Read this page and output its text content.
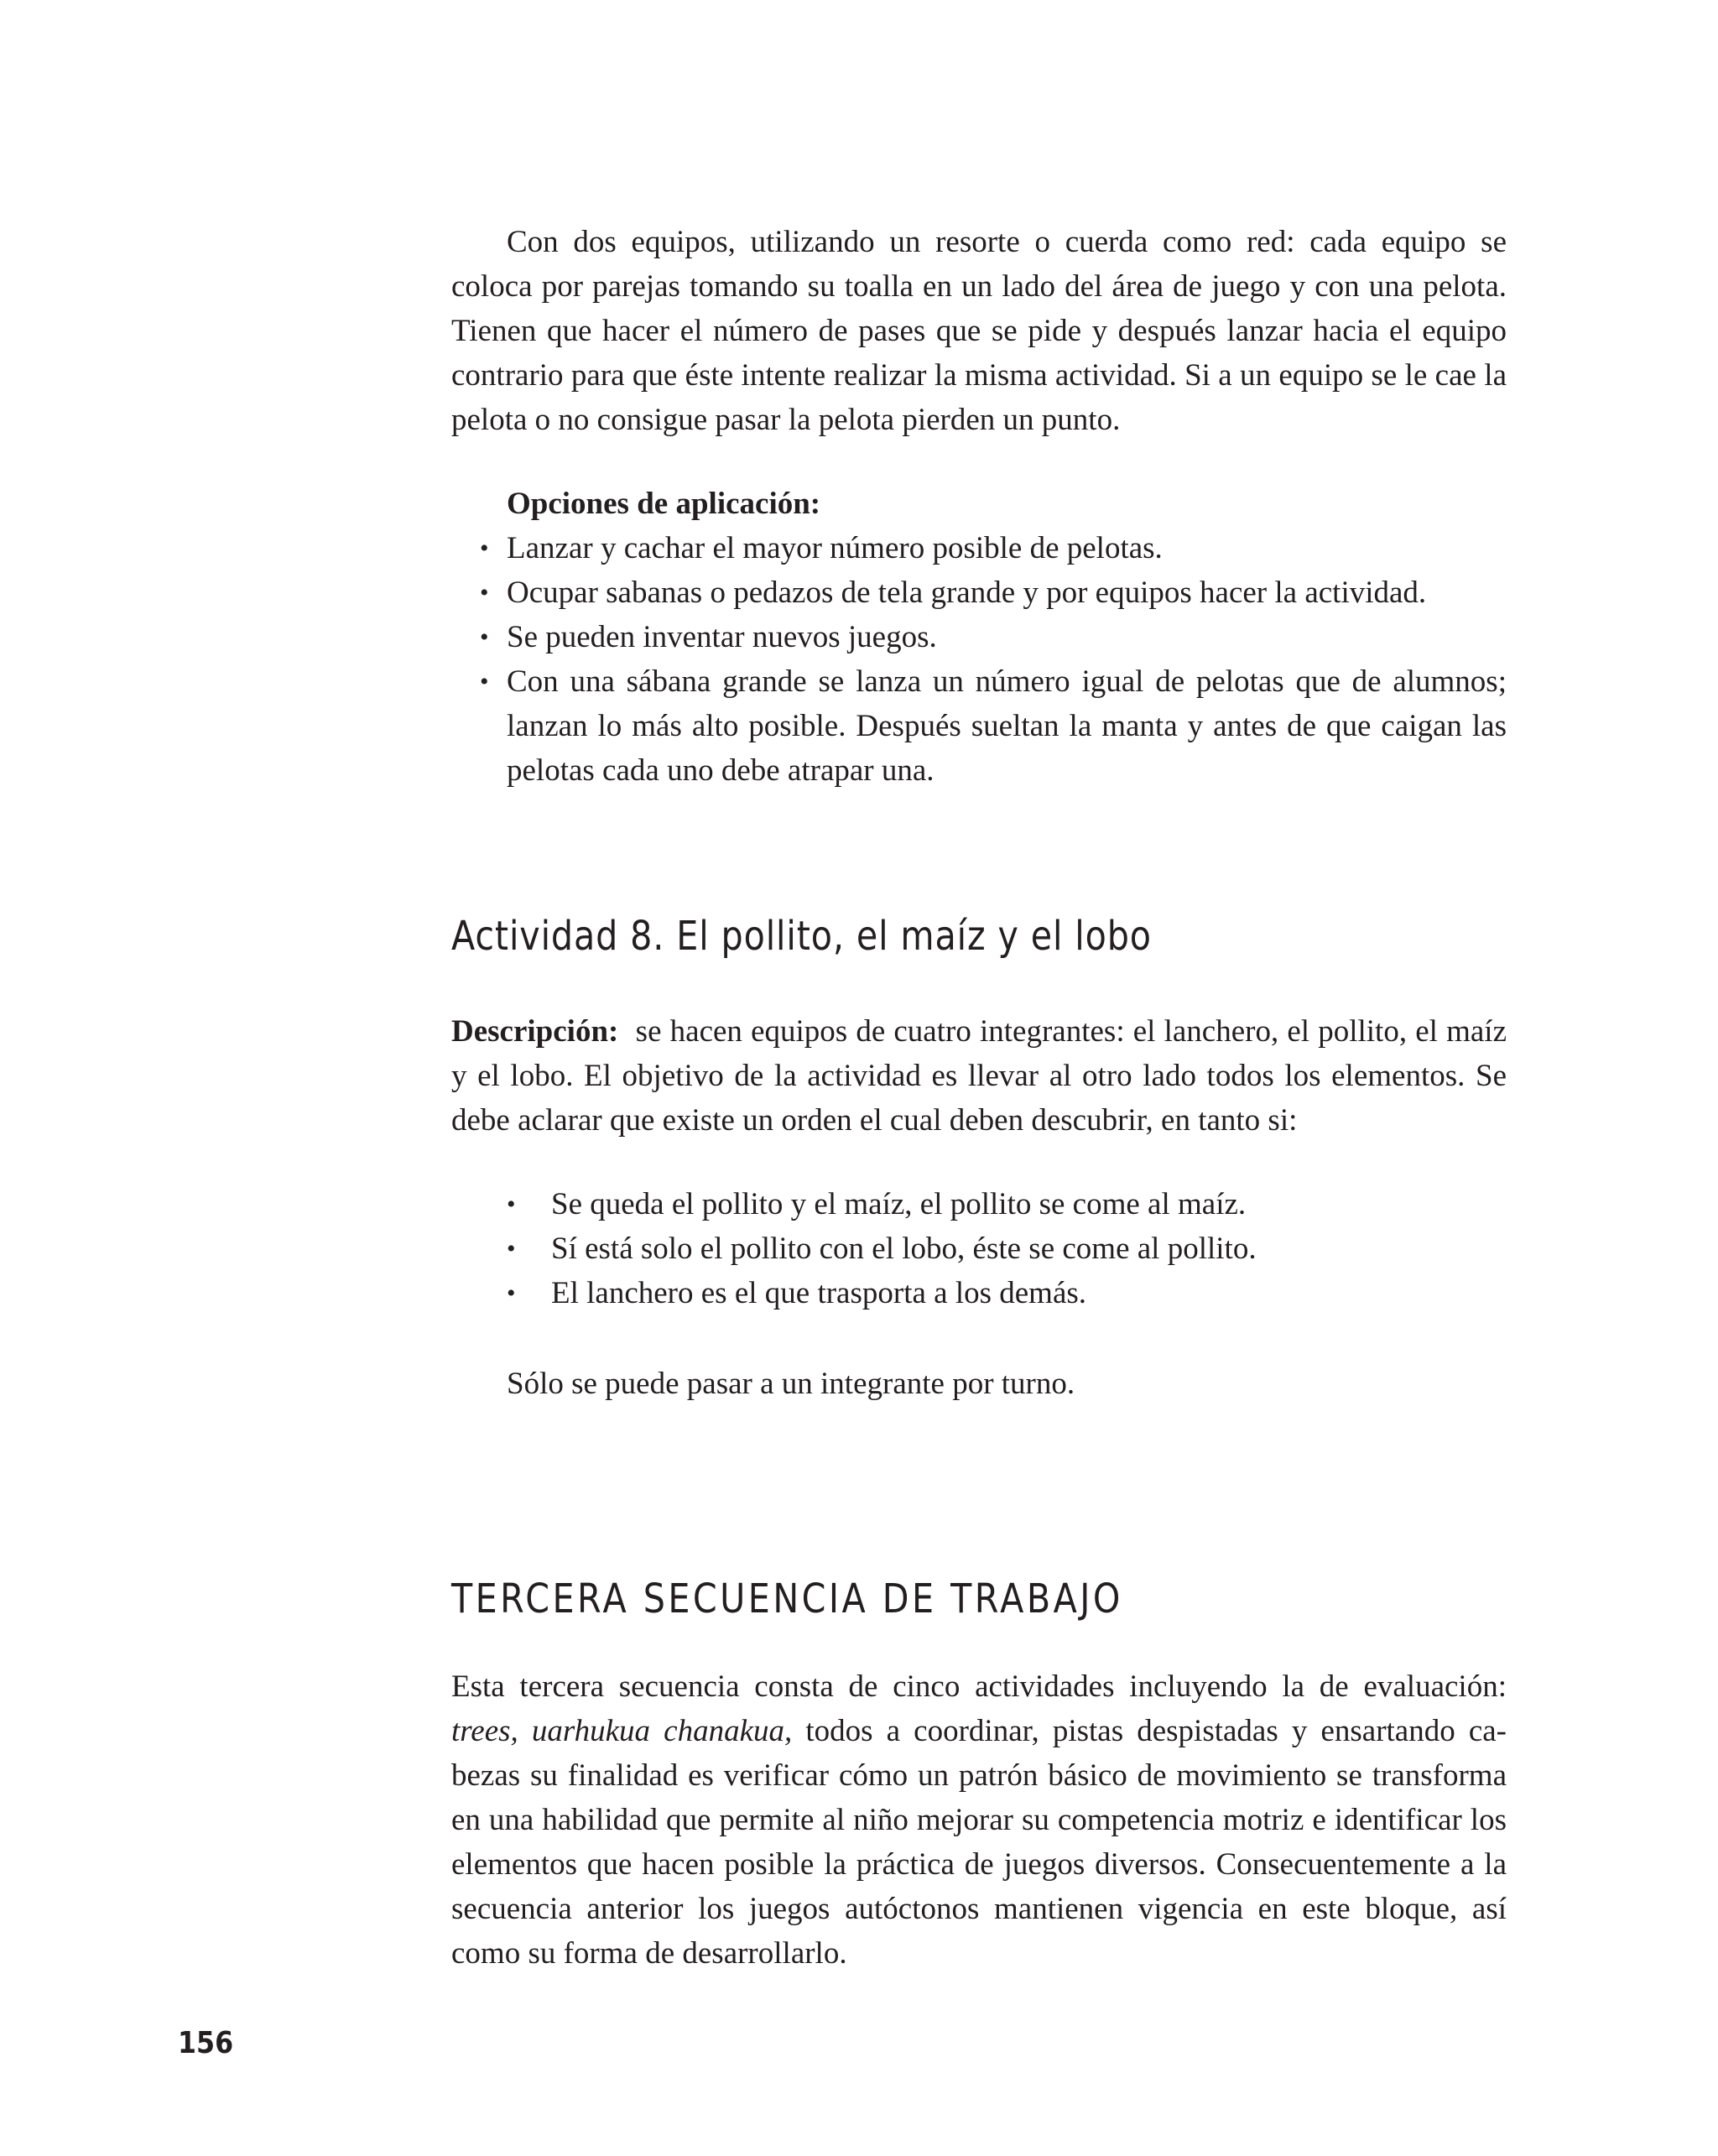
Con dos equipos, utilizando un resorte o cuerda como red: cada equipo se coloca por parejas tomando su toalla en un lado del área de juego y con una pelota. Tienen que hacer el número de pases que se pide y después lanzar hacia el equipo contrario para que éste intente realizar la misma actividad. Si a un equipo se le cae la pelota o no consigue pasar la pelota pierden un punto.

Opciones de aplicación:

• Lanzar y cachar el mayor número posible de pelotas.
• Ocupar sabanas o pedazos de tela grande y por equipos hacer la actividad.
• Se pueden inventar nuevos juegos.
• Con una sábana grande se lanza un número igual de pelotas que de alumnos; lanzan lo más alto posible. Después sueltan la manta y antes de que caigan las pelotas cada uno debe atrapar una.
Actividad 8. El pollito, el maíz y el lobo

Descripción: se hacen equipos de cuatro integrantes: el lanchero, el pollito, el maíz y el lobo. El objetivo de la actividad es llevar al otro lado todos los elementos. Se debe aclarar que existe un orden el cual deben descubrir, en tanto si:

• Se queda el pollito y el maíz, el pollito se come al maíz.
• Sí está solo el pollito con el lobo, éste se come al pollito.
• El lanchero es el que trasporta a los demás.

Sólo se puede pasar a un integrante por turno.

TERCERA SECUENCIA DE TRABAJO

Esta tercera secuencia consta de cinco actividades incluyendo la de evaluación: trees, uarhukua chanakua, todos a coordinar, pistas despistadas y ensartando cabezas su finalidad es verificar cómo un patrón básico de movimiento se transforma en una habilidad que permite al niño mejorar su competencia motriz e identificar los elementos que hacen posible la práctica de juegos diversos. Consecuentemente a la secuencia anterior los juegos autóctonos mantienen vigencia en este bloque, así como su forma de desarrollarlo.

156
